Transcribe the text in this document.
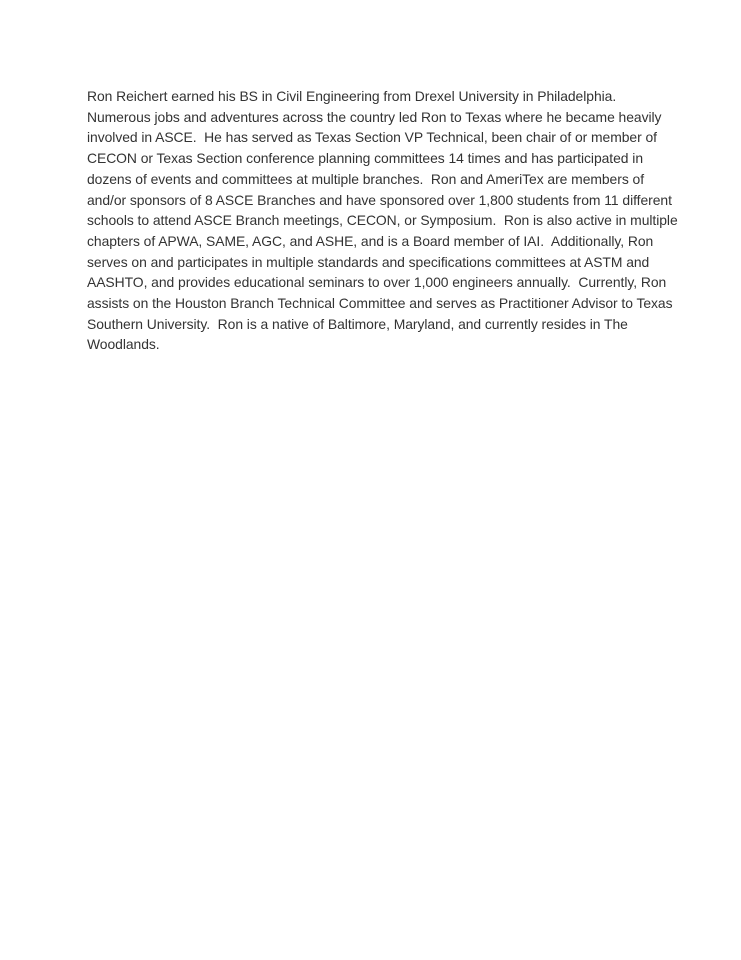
Ron Reichert earned his BS in Civil Engineering from Drexel University in Philadelphia.
Numerous jobs and adventures across the country led Ron to Texas where he became heavily
involved in ASCE.  He has served as Texas Section VP Technical, been chair of or member of
CECON or Texas Section conference planning committees 14 times and has participated in
dozens of events and committees at multiple branches.  Ron and AmeriTex are members of
and/or sponsors of 8 ASCE Branches and have sponsored over 1,800 students from 11 different
schools to attend ASCE Branch meetings, CECON, or Symposium.  Ron is also active in multiple
chapters of APWA, SAME, AGC, and ASHE, and is a Board member of IAI.  Additionally, Ron
serves on and participates in multiple standards and specifications committees at ASTM and
AASHTO, and provides educational seminars to over 1,000 engineers annually.  Currently, Ron
assists on the Houston Branch Technical Committee and serves as Practitioner Advisor to Texas
Southern University.  Ron is a native of Baltimore, Maryland, and currently resides in The
Woodlands.
